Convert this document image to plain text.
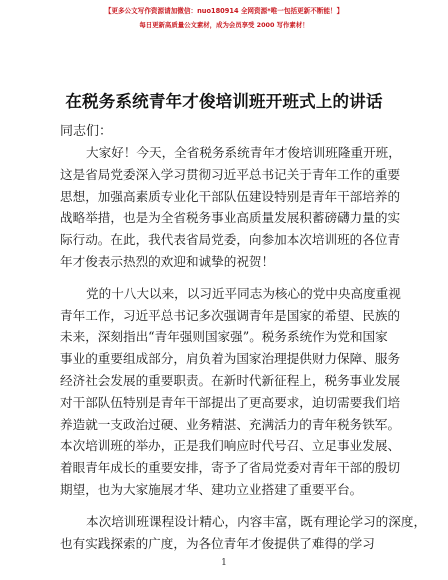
【更多公文写作资源请加微信：nuo180914 全网资源*唯一包括更新不断能！】
每日更新高质量公文素材，成为会员享受 2000 写作素材！
在税务系统青年才俊培训班开班式上的讲话
同志们：
大家好！今天，全省税务系统青年才俊培训班隆重开班，
这是省局党委深入学习贯彻习近平总书记关于青年工作的重要
思想，加强高素质专业化干部队伍建设特别是青年干部培养的
战略举措，也是为全省税务事业高质量发展积蓄磅礴力量的实
际行动。在此，我代表省局党委，向参加本次培训班的各位青
年才俊表示热烈的欢迎和诚挚的祝贺！
党的十八大以来，以习近平同志为核心的党中央高度重视
青年工作，习近平总书记多次强调青年是国家的希望、民族的
未来，深刻指出“青年强则国家强”。税务系统作为党和国家
事业的重要组成部分，肩负着为国家治理提供财力保障、服务
经济社会发展的重要职责。在新时代新征程上，税务事业发展
对干部队伍特别是青年干部提出了更高要求，迫切需要我们培
养造就一支政治过硬、业务精湛、充满活力的青年税务铁军。
本次培训班的举办，正是我们响应时代号召、立足事业发展、
着眼青年成长的重要安排，寄予了省局党委对青年干部的殷切
期望，也为大家施展才华、建功立业搭建了重要平台。
本次培训班课程设计精心，内容丰富，既有理论学习的深度，
也有实践探索的广度，为各位青年才俊提供了难得的学习
1
